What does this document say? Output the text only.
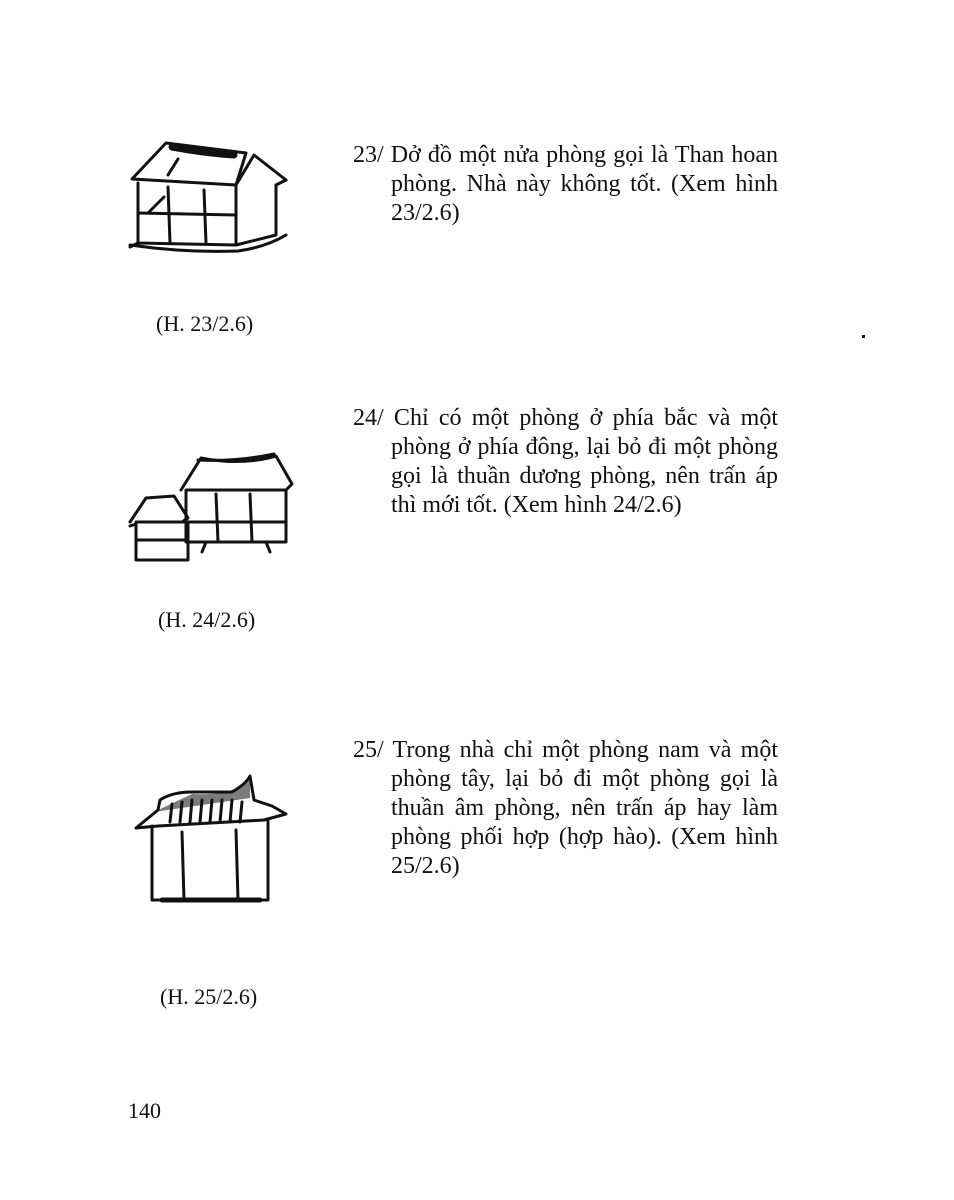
23/ Dở đồ một nửa phòng gọi là Than hoan phòng. Nhà này không tốt. (Xem hình 23/2.6)
(H. 23/2.6)
24/ Chỉ có một phòng ở phía bắc và một phòng ở phía đông, lại bỏ đi một phòng gọi là thuần dương phòng, nên trấn áp thì mới tốt. (Xem hình 24/2.6)
(H. 24/2.6)
25/ Trong nhà chỉ một phòng nam và một phòng tây, lại bỏ đi một phòng gọi là thuần âm phòng, nên trấn áp hay làm phòng phối hợp (hợp hào). (Xem hình 25/2.6)
(H. 25/2.6)
140
